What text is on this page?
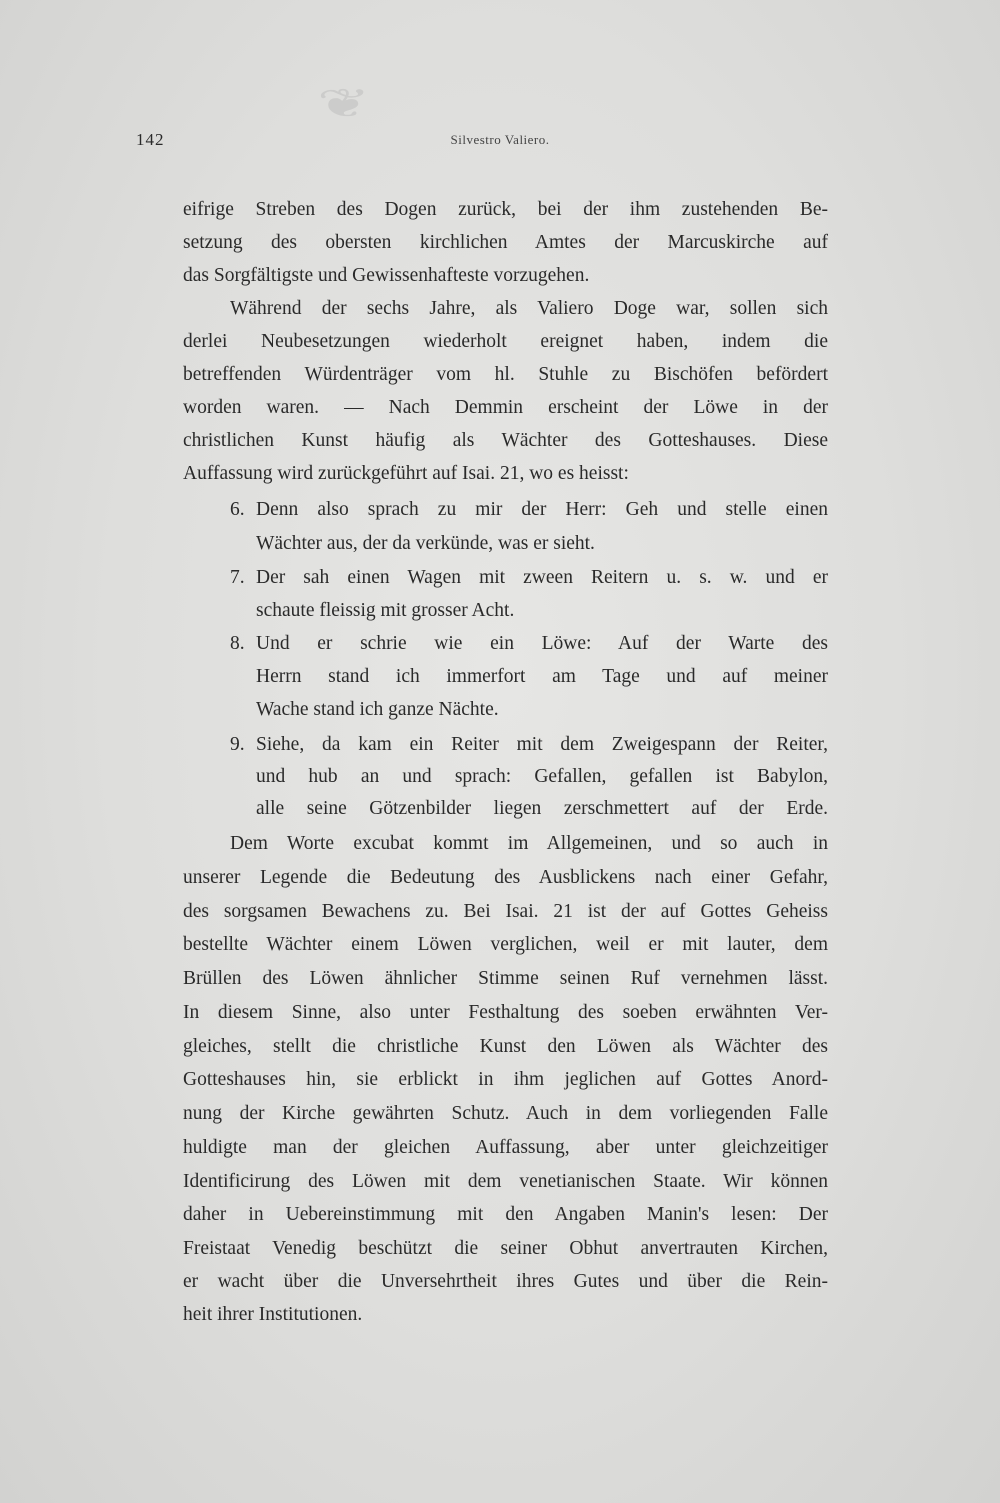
❦
142	Silvestro Valiero.
eifrige Streben des Dogen zurück, bei der ihm zustehenden Be-
setzung des obersten kirchlichen Amtes der Marcuskirche auf
das Sorgfältigste und Gewissenhafteste vorzugehen.
Während der sechs Jahre, als Valiero Doge war, sollen sich
derlei Neubesetzungen wiederholt ereignet haben, indem die
betreffenden Würdenträger vom hl. Stuhle zu Bischöfen befördert
worden waren. — Nach Demmin erscheint der Löwe in der
christlichen Kunst häufig als Wächter des Gotteshauses. Diese
Auffassung wird zurückgeführt auf Isai. 21, wo es heisst:
6. Denn also sprach zu mir der Herr: Geh und stelle einen
Wächter aus, der da verkünde, was er sieht.
7. Der sah einen Wagen mit zween Reitern u. s. w. und er
schaute fleissig mit grosser Acht.
8. Und er schrie wie ein Löwe: Auf der Warte des
Herrn stand ich immerfort am Tage und auf meiner
Wache stand ich ganze Nächte.
9. Siehe, da kam ein Reiter mit dem Zweigespann der Reiter,
und hub an und sprach: Gefallen, gefallen ist Babylon,
alle seine Götzenbilder liegen zerschmettert auf der Erde.
Dem Worte excubat kommt im Allgemeinen, und so auch in
unserer Legende die Bedeutung des Ausblickens nach einer Gefahr,
des sorgsamen Bewachens zu. Bei Isai. 21 ist der auf Gottes Geheiss
bestellte Wächter einem Löwen verglichen, weil er mit lauter, dem
Brüllen des Löwen ähnlicher Stimme seinen Ruf vernehmen lässt.
In diesem Sinne, also unter Festhaltung des soeben erwähnten Ver-
gleiches, stellt die christliche Kunst den Löwen als Wächter des
Gotteshauses hin, sie erblickt in ihm jeglichen auf Gottes Anord-
nung der Kirche gewährten Schutz. Auch in dem vorliegenden Falle
huldigte man der gleichen Auffassung, aber unter gleichzeitiger
Identificirung des Löwen mit dem venetianischen Staate. Wir können
daher in Uebereinstimmung mit den Angaben Manin's lesen: Der
Freistaat Venedig beschützt die seiner Obhut anvertrauten Kirchen,
er wacht über die Unversehrtheit ihres Gutes und über die Rein-
heit ihrer Institutionen.
